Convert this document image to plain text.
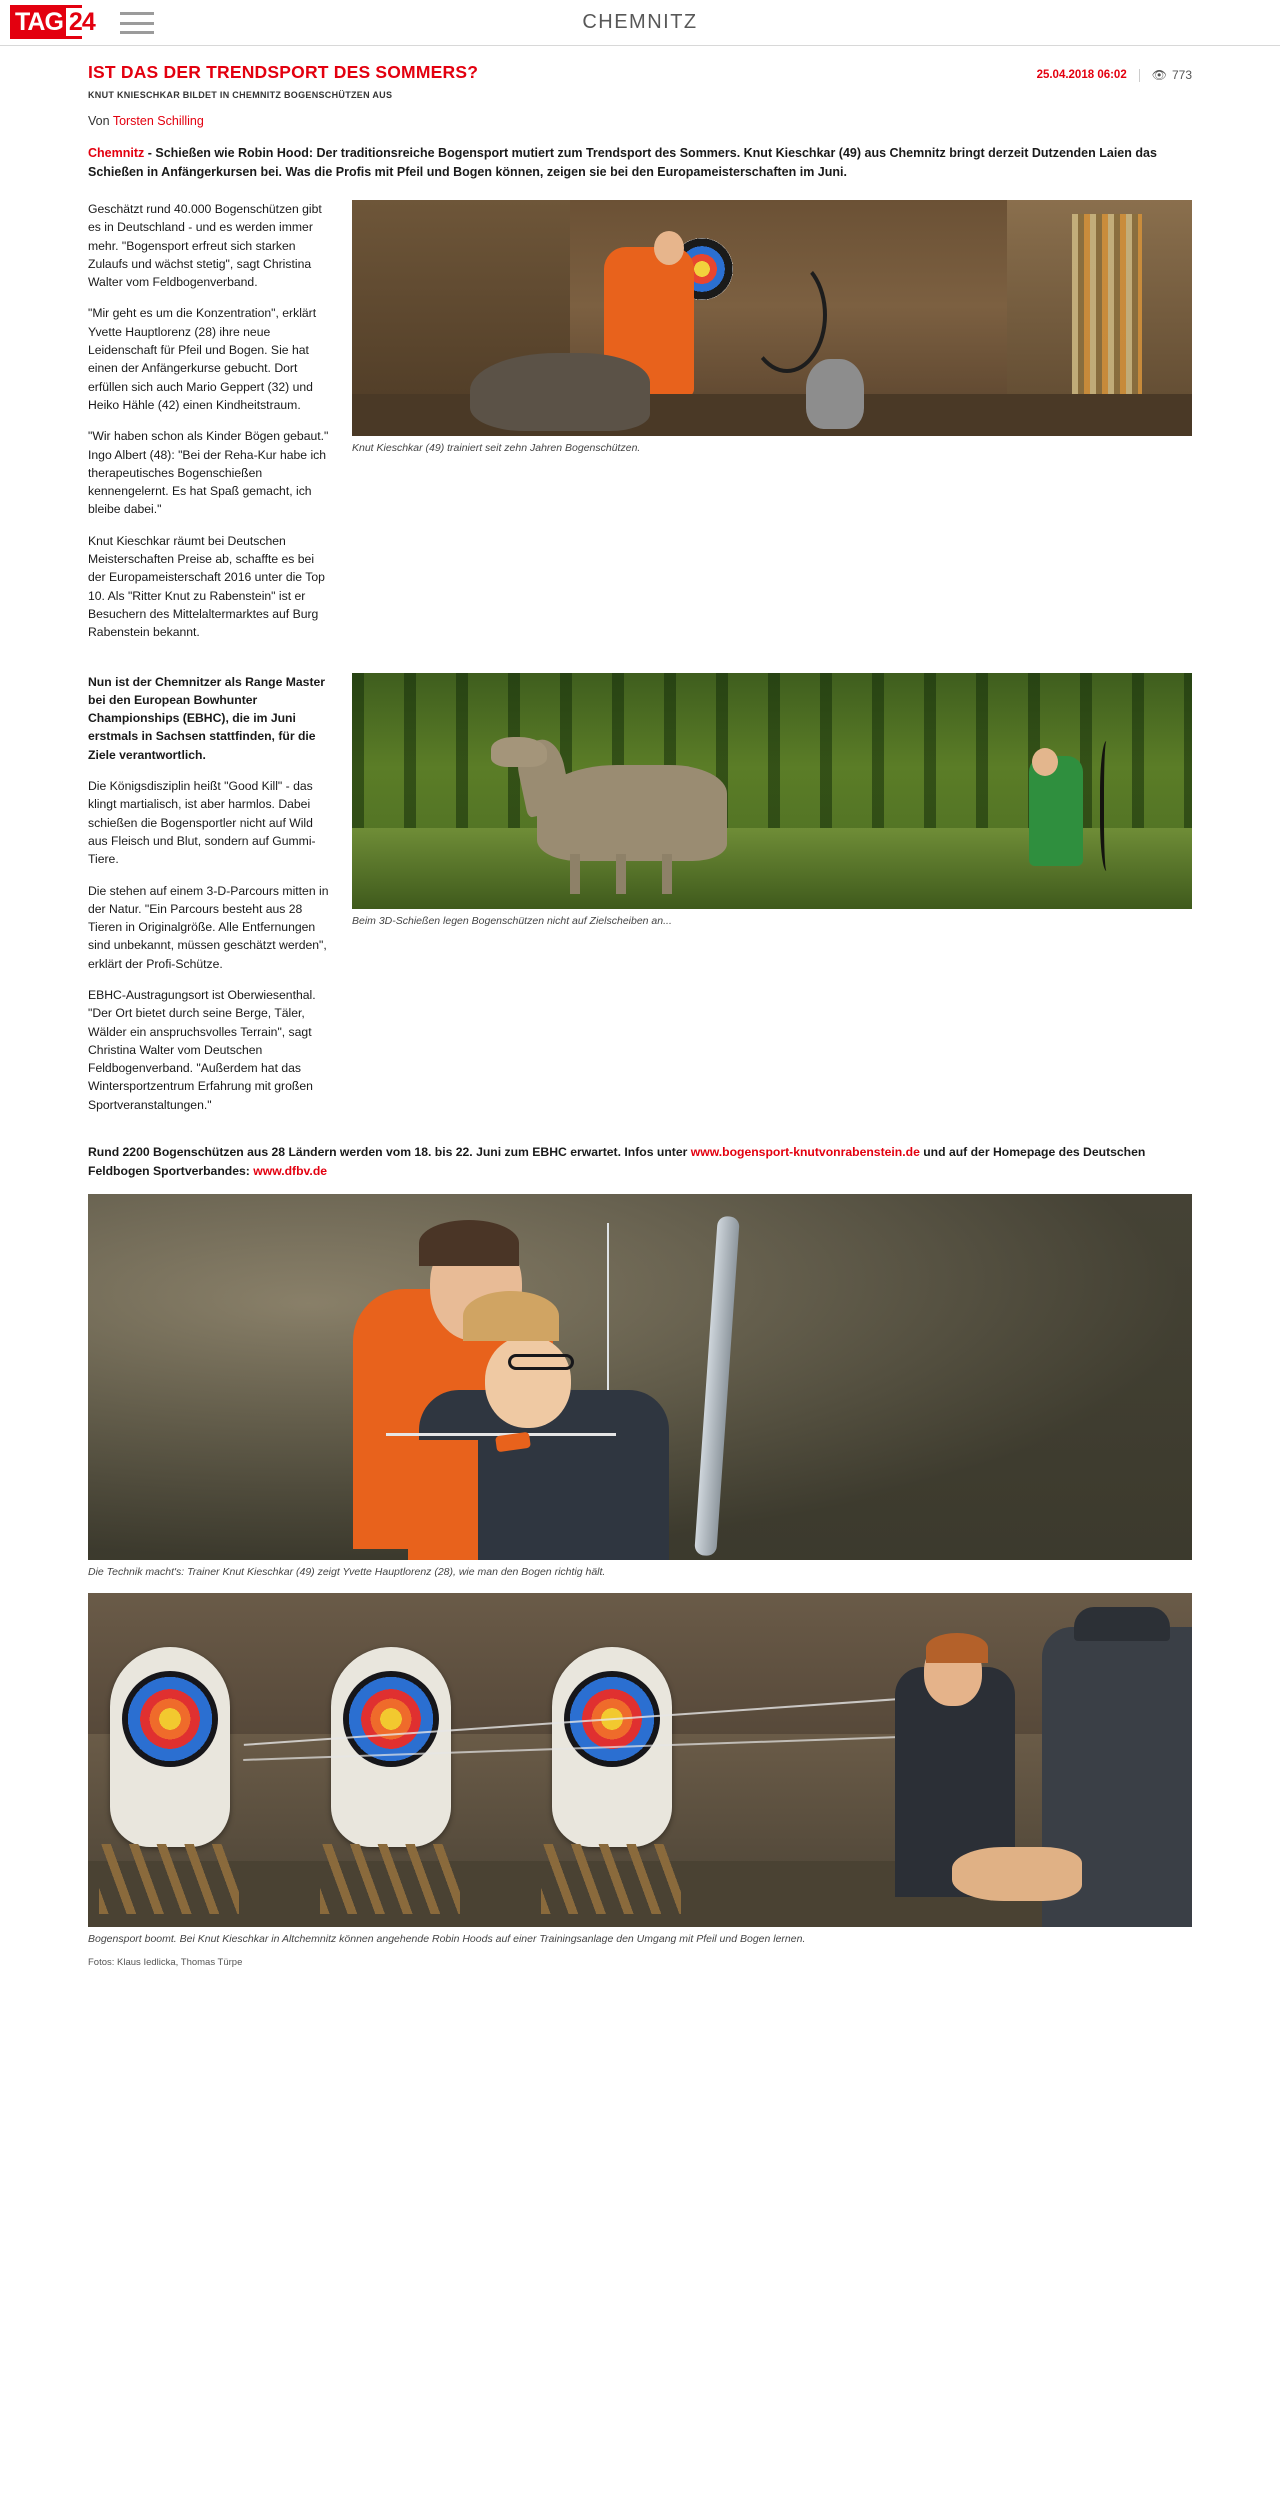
TAG 24	CHEMNITZ
IST DAS DER TRENDSPORT DES SOMMERS?	25.04.2018 06:02 👁 773
KNUT KNIESCHKAR BILDET IN CHEMNITZ BOGENSCHÜTZEN AUS
Von Torsten Schilling

Chemnitz - Schießen wie Robin Hood: Der traditionsreiche Bogensport mutiert zum Trendsport des Sommers. Knut Kieschkar (49) aus Chemnitz bringt derzeit Dutzenden Laien das Schießen in Anfängerkursen bei. Was die Profis mit Pfeil und Bogen können, zeigen sie bei den Europameisterschaften im Juni.

Geschätzt rund 40.000 Bogenschützen gibt es in Deutschland - und es werden immer mehr. "Bogensport erfreut sich starken Zulaufs und wächst stetig", sagt Christina Walter vom Feldbogenverband.

"Mir geht es um die Konzentration", erklärt Yvette Hauptlorenz (28) ihre neue Leidenschaft für Pfeil und Bogen. Sie hat einen der Anfängerkurse gebucht. Dort erfüllen sich auch Mario Geppert (32) und Heiko Hähle (42) einen Kindheitstraum.

"Wir haben schon als Kinder Bögen gebaut." Ingo Albert (48): "Bei der Reha-Kur habe ich therapeutisches Bogenschießen kennengelernt. Es hat Spaß gemacht, ich bleibe dabei."

Knut Kieschkar räumt bei Deutschen Meisterschaften Preise ab, schaffte es bei der Europameisterschaft 2016 unter die Top 10. Als "Ritter Knut zu Rabenstein" ist er Besuchern des Mittelaltermarktes auf Burg Rabenstein bekannt.

Knut Kieschkar (49) trainiert seit zehn Jahren Bogenschützen.

Nun ist der Chemnitzer als Range Master bei den European Bowhunter Championships (EBHC), die im Juni erstmals in Sachsen stattfinden, für die Ziele verantwortlich.

Die Königsdisziplin heißt "Good Kill" - das klingt martialisch, ist aber harmlos. Dabei schießen die Bogensportler nicht auf Wild aus Fleisch und Blut, sondern auf Gummi-Tiere.

Die stehen auf einem 3-D-Parcours mitten in der Natur. "Ein Parcours besteht aus 28 Tieren in Originalgröße. Alle Entfernungen sind unbekannt, müssen geschätzt werden", erklärt der Profi-Schütze.

EBHC-Austragungsort ist Oberwiesenthal. "Der Ort bietet durch seine Berge, Täler, Wälder ein anspruchsvolles Terrain", sagt Christina Walter vom Deutschen Feldbogenverband. "Außerdem hat das Wintersportzentrum Erfahrung mit großen Sportveranstaltungen."

Beim 3D-Schießen legen Bogenschützen nicht auf Zielscheiben an...

Rund 2200 Bogenschützen aus 28 Ländern werden vom 18. bis 22. Juni zum EBHC erwartet. Infos unter www.bogensport-knutvonrabenstein.de und auf der Homepage des Deutschen Feldbogen Sportverbandes: www.dfbv.de

Die Technik macht's: Trainer Knut Kieschkar (49) zeigt Yvette Hauptlorenz (28), wie man den Bogen richtig hält.
Bogensport boomt. Bei Knut Kieschkar in Altchemnitz können angehende Robin Hoods auf einer Trainingsanlage den Umgang mit Pfeil und Bogen lernen.
Fotos: Klaus Iedlicka, Thomas Türpe
